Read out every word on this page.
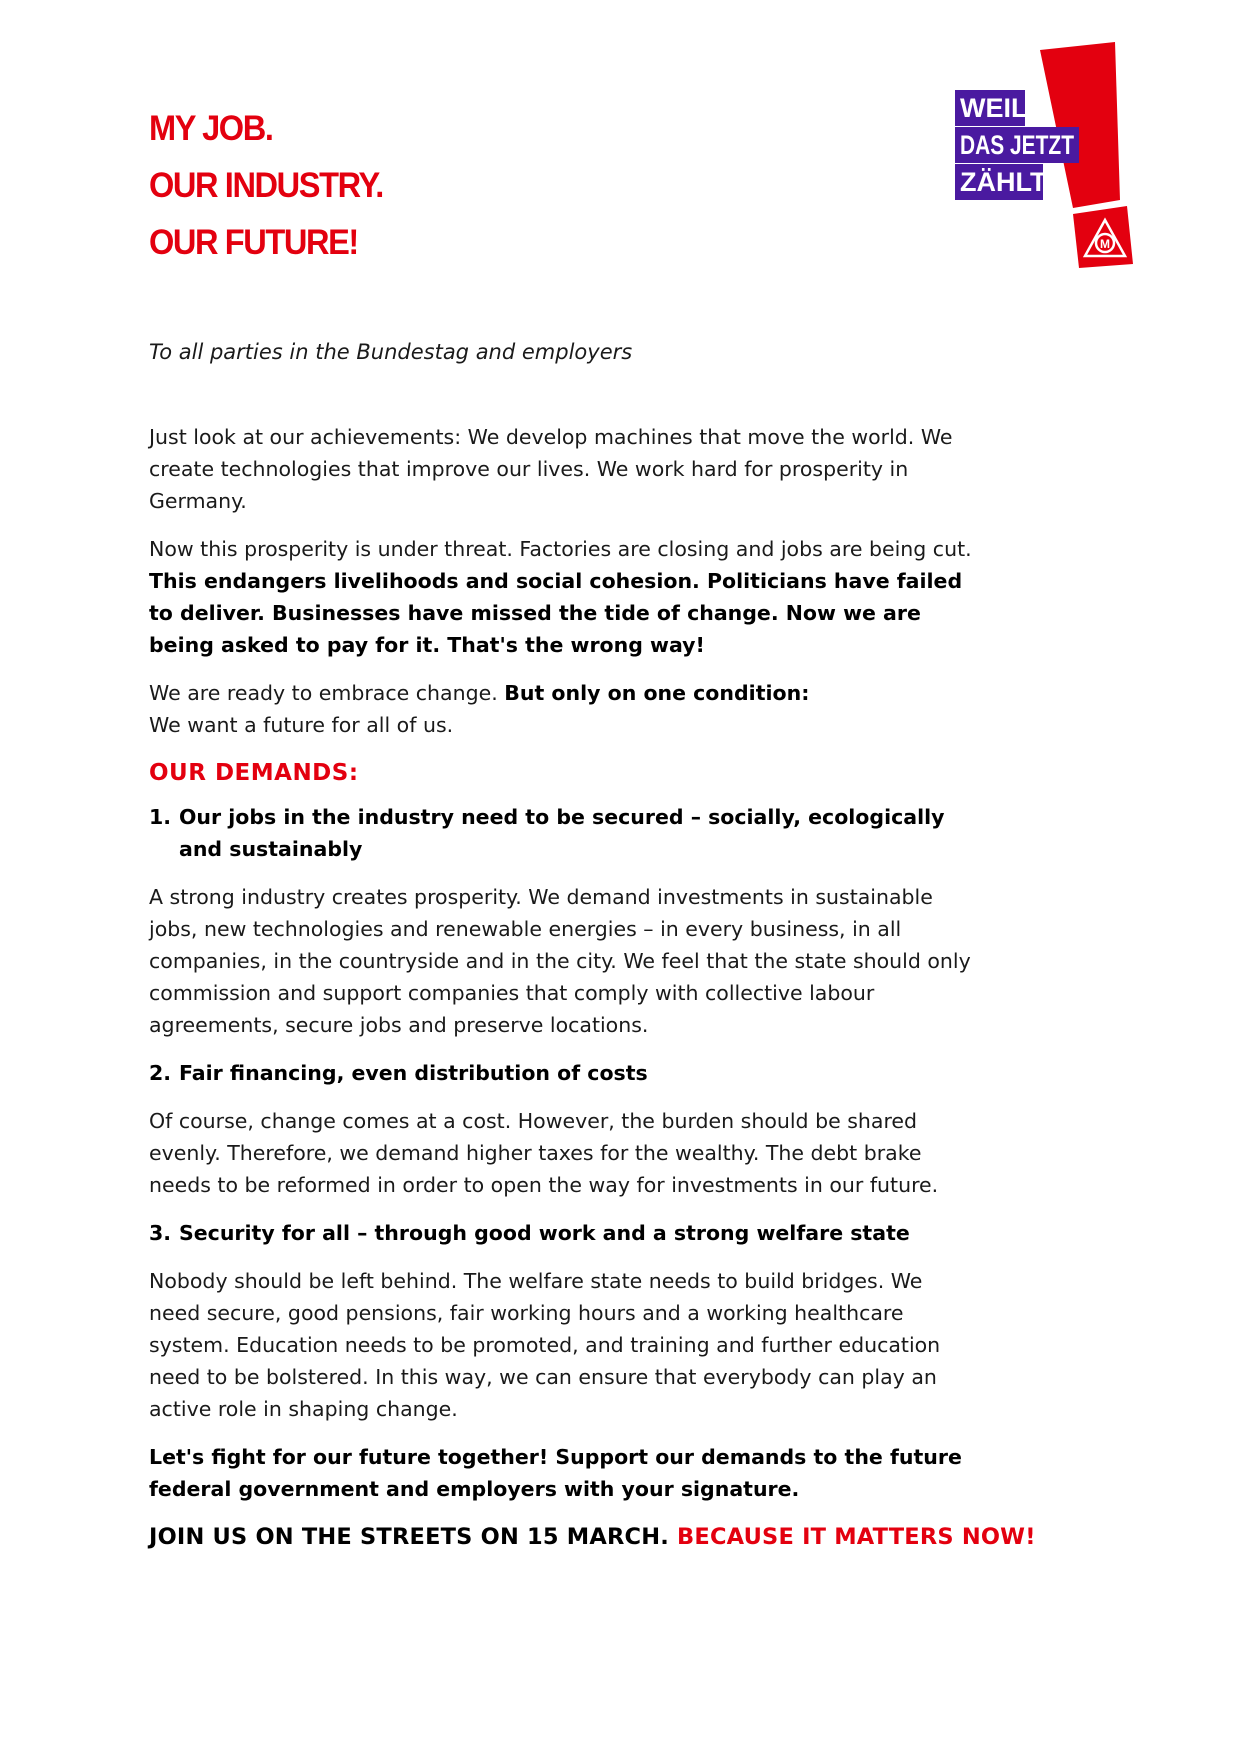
MY JOB.
OUR INDUSTRY.
OUR FUTURE!	M
WEIL
DAS JETZT
ZÄHLT.
To all parties in the Bundestag and employers

Just look at our achievements: We develop machines that move the world. We create technologies that improve our lives. We work hard for prosperity in Germany.

Now this prosperity is under threat. Factories are closing and jobs are being cut. This endangers livelihoods and social cohesion. Politicians have failed to deliver. Businesses have missed the tide of change. Now we are being asked to pay for it. That's the wrong way!

We are ready to embrace change. But only on one condition:
We want a future for all of us.

OUR DEMANDS:
1. Our jobs in the industry need to be secured – socially, ecologically and sustainably

A strong industry creates prosperity. We demand investments in sustainable jobs, new technologies and renewable energies – in every business, in all companies, in the countryside and in the city. We feel that the state should only commission and support companies that comply with collective labour agreements, secure jobs and preserve locations.

2. Fair financing, even distribution of costs

Of course, change comes at a cost. However, the burden should be shared evenly. Therefore, we demand higher taxes for the wealthy. The debt brake needs to be reformed in order to open the way for investments in our future.

3. Security for all – through good work and a strong welfare state

Nobody should be left behind. The welfare state needs to build bridges. We need secure, good pensions, fair working hours and a working healthcare system. Education needs to be promoted, and training and further education need to be bolstered. In this way, we can ensure that everybody can play an active role in shaping change.

Let's fight for our future together! Support our demands to the future federal government and employers with your signature.

JOIN US ON THE STREETS ON 15 MARCH. BECAUSE IT MATTERS NOW!
